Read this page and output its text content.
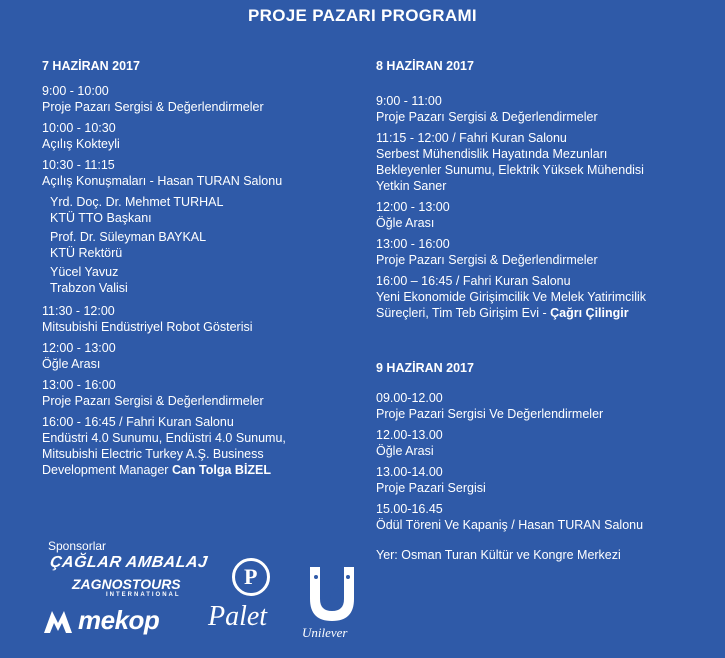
PROJE PAZARI PROGRAMI
7 HAZİRAN 2017
9:00 - 10:00
Proje Pazarı Sergisi & Değerlendirmeler
10:00 - 10:30
Açılış Kokteyli
10:30 - 11:15
Açılış Konuşmaları - Hasan TURAN Salonu
Yrd. Doç. Dr. Mehmet TURHAL
KTÜ TTO Başkanı
Prof. Dr. Süleyman BAYKAL
KTÜ Rektörü
Yücel Yavuz
Trabzon Valisi
11:30 - 12:00
Mitsubishi Endüstriyel Robot Gösterisi
12:00 - 13:00
Öğle Arası
13:00 - 16:00
Proje Pazarı Sergisi & Değerlendirmeler
16:00 - 16:45 / Fahri Kuran Salonu
Endüstri 4.0 Sunumu, Endüstri 4.0 Sunumu,
Mitsubishi Electric Turkey A.Ş. Business
Development Manager Can Tolga BİZEL
8 HAZİRAN 2017
9:00 - 11:00
Proje Pazarı Sergisi & Değerlendirmeler
11:15 - 12:00 / Fahri Kuran Salonu
Serbest Mühendislik Hayatında Mezunları
Bekleyenler Sunumu, Elektrik Yüksek Mühendisi
Yetkin Saner
12:00 - 13:00
Öğle Arası
13:00 - 16:00
Proje Pazarı Sergisi & Değerlendirmeler
16:00 – 16:45 / Fahri Kuran Salonu
Yeni Ekonomide Girişimcilik Ve Melek Yatirimcilik
Süreçleri, Tim Teb Girişim Evi - Çağrı Çilingir
9 HAZİRAN 2017
09.00-12.00
Proje Pazari Sergisi Ve Değerlendirmeler
12.00-13.00
Öğle Arasi
13.00-14.00
Proje Pazari Sergisi
15.00-16.45
Ödül Töreni Ve Kapaniş / Hasan TURAN Salonu
Yer: Osman Turan Kültür ve Kongre Merkezi
Sponsorlar
ÇAĞLAR AMBALAJ
ZAGNOSTOURS
INTERNATIONAL
mekop
P
Palet
Unilever
